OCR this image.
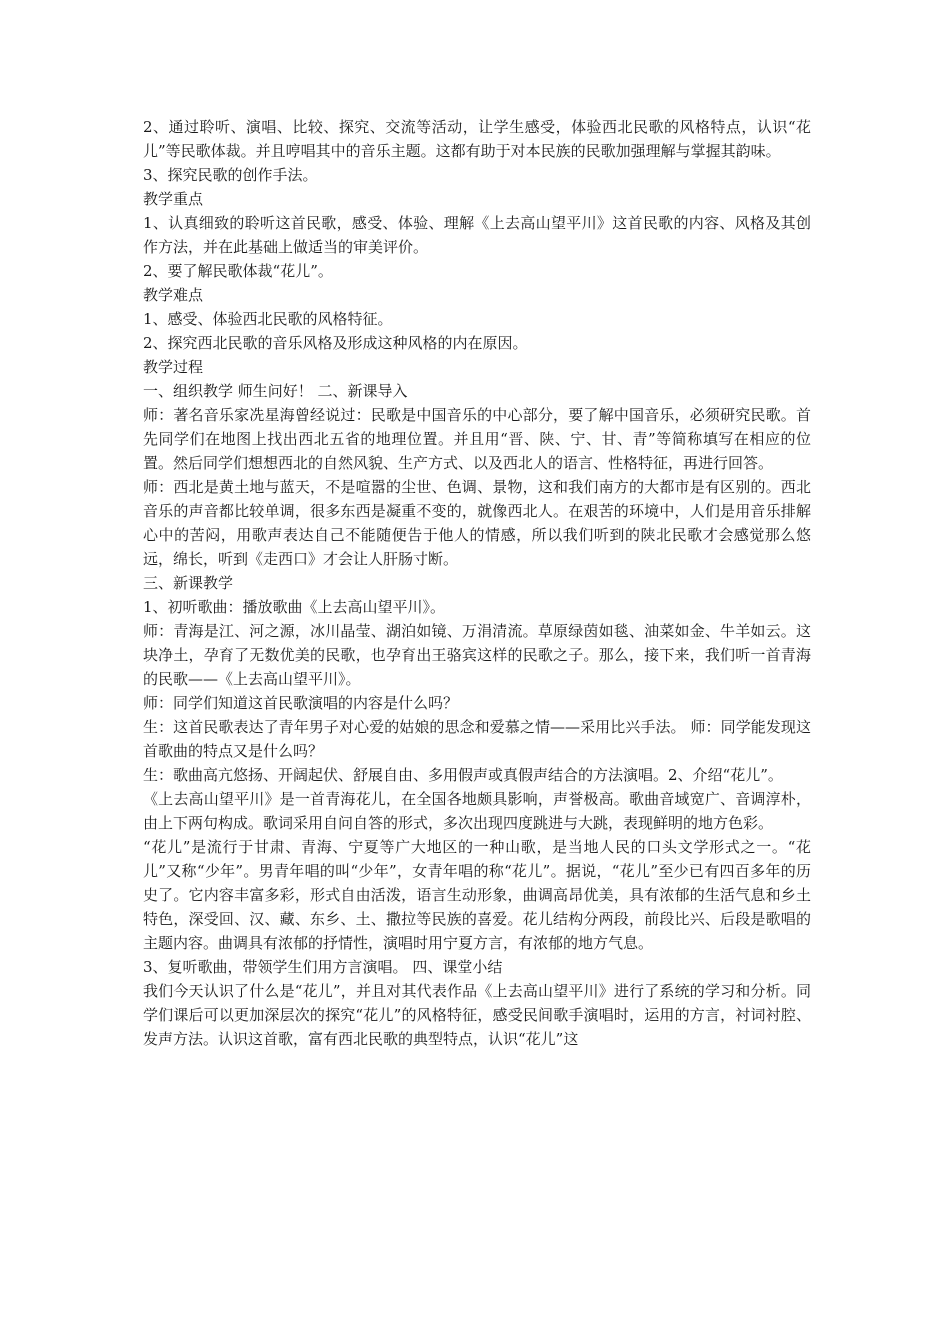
2、通过聆听、演唱、比较、探究、交流等活动，让学生感受，体验西北民歌的风格特点，认识“花儿”等民歌体裁。并且哼唱其中的音乐主题。这都有助于对本民族的民歌加强理解与掌握其韵味。

3、探究民歌的创作手法。

教学重点

1、认真细致的聆听这首民歌，感受、体验、理解《上去高山望平川》这首民歌的内容、风格及其创作方法，并在此基础上做适当的审美评价。

2、要了解民歌体裁“花儿”。

教学难点

1、感受、体验西北民歌的风格特征。

2、探究西北民歌的音乐风格及形成这种风格的内在原因。

教学过程

一、组织教学 师生问好！ 二、新课导入

师：著名音乐家冼星海曾经说过：民歌是中国音乐的中心部分，要了解中国音乐，必须研究民歌。首先同学们在地图上找出西北五省的地理位置。并且用“晋、陕、宁、甘、青”等简称填写在相应的位置。然后同学们想想西北的自然风貌、生产方式、以及西北人的语言、性格特征，再进行回答。

师：西北是黄土地与蓝天，不是喧嚣的尘世、色调、景物，这和我们南方的大都市是有区别的。西北音乐的声音都比较单调，很多东西是凝重不变的，就像西北人。在艰苦的环境中，人们是用音乐排解心中的苦闷，用歌声表达自己不能随便告于他人的情感，所以我们听到的陕北民歌才会感觉那么悠远，绵长，听到《走西口》才会让人肝肠寸断。

三、新课教学

1、初听歌曲：播放歌曲《上去高山望平川》。

师：青海是江、河之源，冰川晶莹、湖泊如镜、万涓清流。草原绿茵如毯、油菜如金、牛羊如云。这块净土，孕育了无数优美的民歌，也孕育出王骆宾这样的民歌之子。那么，接下来，我们听一首青海的民歌——《上去高山望平川》。

师：同学们知道这首民歌演唱的内容是什么吗？

生：这首民歌表达了青年男子对心爱的姑娘的思念和爱慕之情——采用比兴手法。 师：同学能发现这首歌曲的特点又是什么吗？

生：歌曲高亢悠扬、开阔起伏、舒展自由、多用假声或真假声结合的方法演唱。2、介绍“花儿”。

《上去高山望平川》是一首青海花儿，在全国各地颇具影响，声誉极高。歌曲音域宽广、音调淳朴，由上下两句构成。歌词采用自问自答的形式，多次出现四度跳进与大跳，表现鲜明的地方色彩。

“花儿”是流行于甘肃、青海、宁夏等广大地区的一种山歌，是当地人民的口头文学形式之一。“花儿”又称“少年”。男青年唱的叫“少年”，女青年唱的称“花儿”。据说，“花儿”至少已有四百多年的历史了。它内容丰富多彩，形式自由活泼，语言生动形象，曲调高昂优美，具有浓郁的生活气息和乡土特色，深受回、汉、藏、东乡、土、撒拉等民族的喜爱。花儿结构分两段，前段比兴、后段是歌唱的主题内容。曲调具有浓郁的抒情性，演唱时用宁夏方言，有浓郁的地方气息。

3、复听歌曲，带领学生们用方言演唱。 四、课堂小结

我们今天认识了什么是“花儿”，并且对其代表作品《上去高山望平川》进行了系统的学习和分析。同学们课后可以更加深层次的探究“花儿”的风格特征，感受民间歌手演唱时，运用的方言，衬词衬腔、发声方法。认识这首歌，富有西北民歌的典型特点，认识“花儿”这
